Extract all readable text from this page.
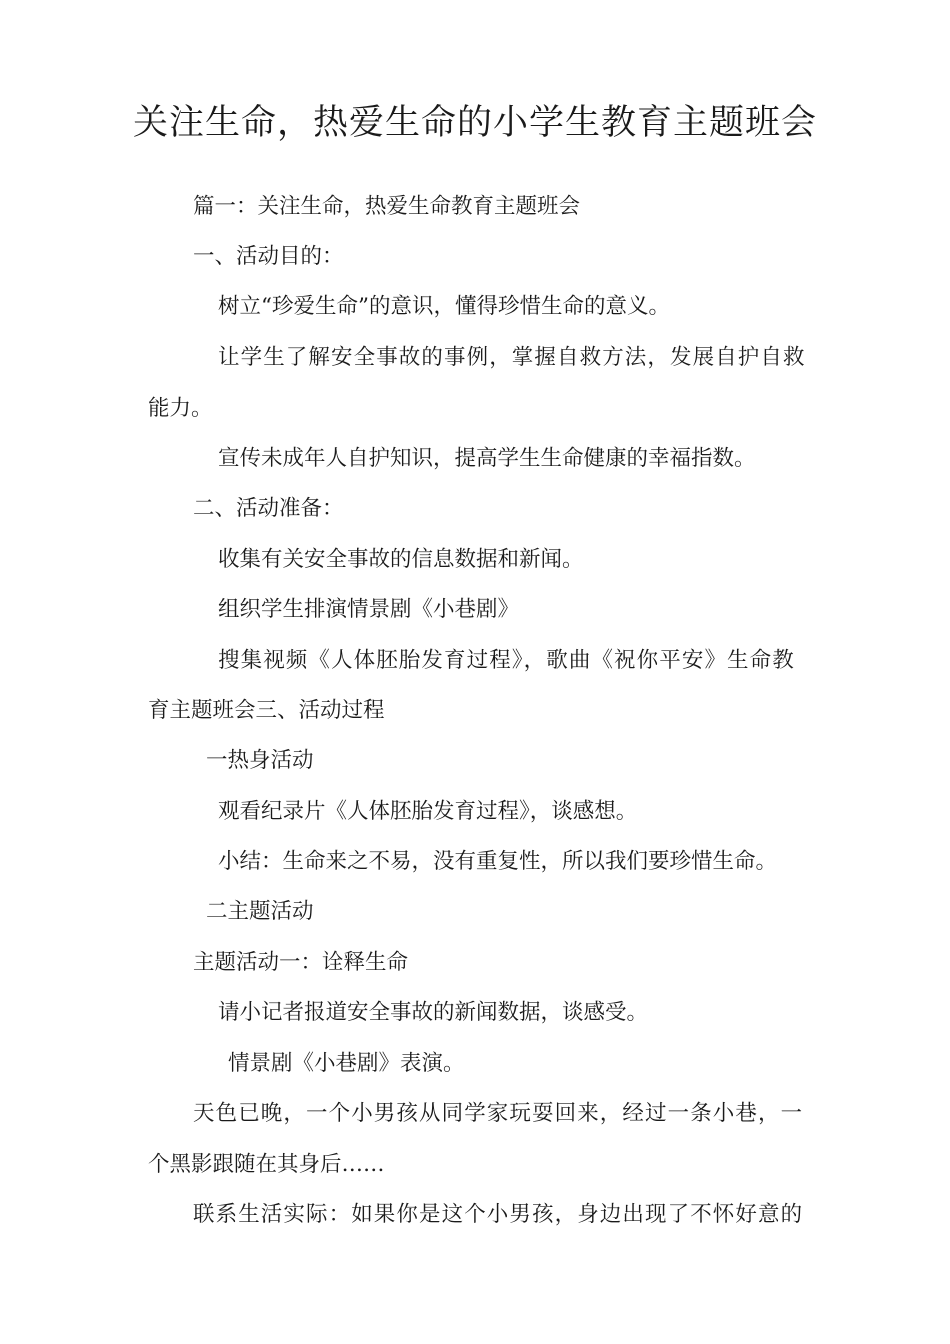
关注生命，热爱生命的小学生教育主题班会
篇一：关注生命，热爱生命教育主题班会
一、活动目的：
树立“珍爱生命”的意识，懂得珍惜生命的意义。
让学生了解安全事故的事例，掌握自救方法，发展自护自救
能力。
宣传未成年人自护知识，提高学生生命健康的幸福指数。
二、活动准备：
收集有关安全事故的信息数据和新闻。
组织学生排演情景剧《小巷剧》
搜集视频《人体胚胎发育过程》，歌曲《祝你平安》生命教
育主题班会三、活动过程
一热身活动
观看纪录片《人体胚胎发育过程》，谈感想。
小结：生命来之不易，没有重复性，所以我们要珍惜生命。
二主题活动
主题活动一：诠释生命
请小记者报道安全事故的新闻数据，谈感受。
情景剧《小巷剧》表演。
天色已晚，一个小男孩从同学家玩耍回来，经过一条小巷，一
个黑影跟随在其身后……
联系生活实际：如果你是这个小男孩，身边出现了不怀好意的
